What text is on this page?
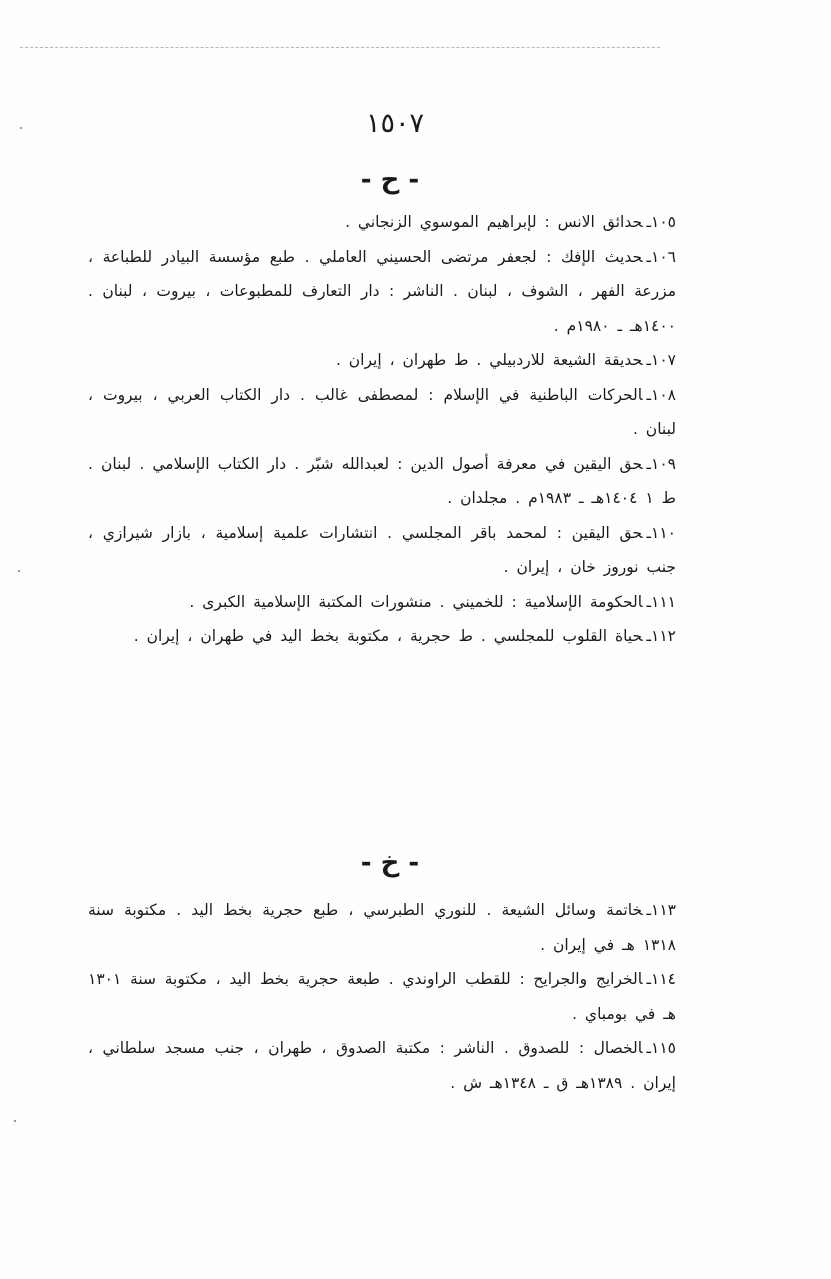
١٥٠٧
- ح -

١٠٥ـحدائق الانس : لإبراهيم الموسوي الزنجاني .

١٠٦ـحديث الإفك : لجعفر مرتضى الحسيني العاملي . طبع مؤسسة البيادر للطباعة ، مزرعة الفهر ، الشوف ، لبنان . الناشر : دار التعارف للمطبوعات ، بيروت ، لبنان . ١٤٠٠هـ ـ ١٩٨٠م .

١٠٧ـحديقة الشيعة للاردبيلي . ط طهران ، إيران .

١٠٨ـالحركات الباطنية في الإسلام : لمصطفى غالب . دار الكتاب العربي ، بيروت ، لبنان .

١٠٩ـحق اليقين في معرفة أصول الدين : لعبدالله شبّر . دار الكتاب الإسلامي . لبنان . ط ١ ١٤٠٤هـ ـ ١٩٨٣م . مجلدان .

١١٠ـحق اليقين : لمحمد باقر المجلسي . انتشارات علمية إسلامية ، بازار شيرازي ، جنب نوروز خان ، إيران .

١١١ـالحكومة الإسلامية : للخميني . منشورات المكتبة الإسلامية الكبرى .

١١٢ـحياة القلوب للمجلسي . ط حجرية ، مكتوبة بخط اليد في طهران ، إيران .

- خ -

١١٣ـخاتمة وسائل الشيعة . للنوري الطبرسي ، طبع حجرية بخط اليد . مكتوبة سنة ١٣١٨ هـ في إيران .

١١٤ـالخرايج والجرايح : للقطب الراوندي . طبعة حجرية بخط اليد ، مكتوبة سنة ١٣٠١ هـ في بومباي .

١١٥ـالخصال : للصدوق . الناشر : مكتبة الصدوق ، طهران ، جنب مسجد سلطاني ، إيران . ١٣٨٩هـ ق ـ ١٣٤٨هـ ش .
